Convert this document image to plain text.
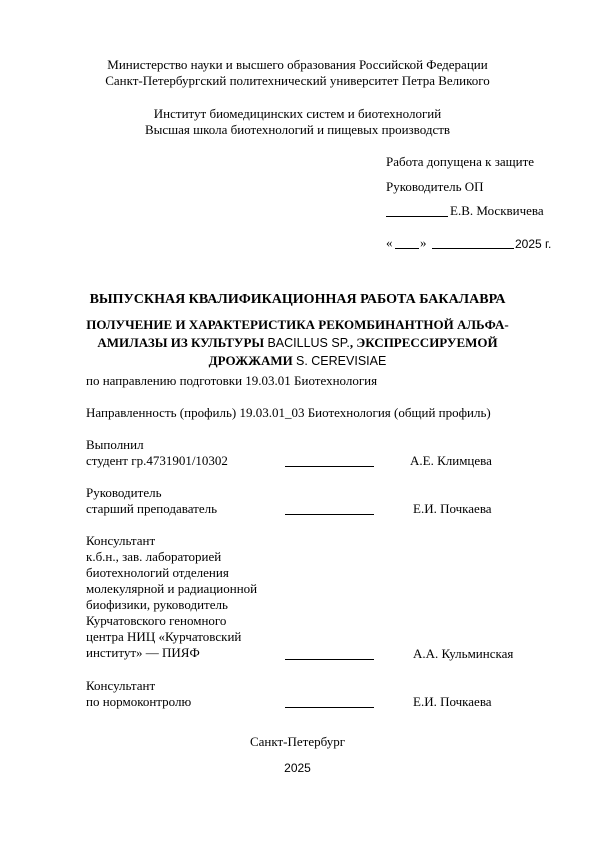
Министерство науки и высшего образования Российской Федерации
Санкт-Петербургский политехнический университет Петра Великого
Институт биомедицинских систем и биотехнологий
Высшая школа биотехнологий и пищевых производств
Работа допущена к защите
Руководитель ОП
Е.В. Москвичева
« »	2025 г.
ВЫПУСКНАЯ КВАЛИФИКАЦИОННАЯ РАБОТА БАКАЛАВРА
ПОЛУЧЕНИЕ И ХАРАКТЕРИСТИКА РЕКОМБИНАНТНОЙ АЛЬФА-
АМИЛАЗЫ ИЗ КУЛЬТУРЫ BACILLUS SP., ЭКСПРЕССИРУЕМОЙ
ДРОЖЖАМИ S. CEREVISIAE
по направлению подготовки 19.03.01 Биотехнология
Направленность (профиль) 19.03.01_03 Биотехнология (общий профиль)
Выполнил
студент гр.4731901/10302	А.Е. Климцева
Руководитель
старший преподаватель	Е.И. Почкаева
Консультант
к.б.н., зав. лабораторией
биотехнологий отделения
молекулярной и радиационной
биофизики, руководитель
Курчатовского геномного
центра НИЦ «Курчатовский
институт» — ПИЯФ	А.А. Кульминская
Консультант
по нормоконтролю	Е.И. Почкаева
Санкт-Петербург
2025
